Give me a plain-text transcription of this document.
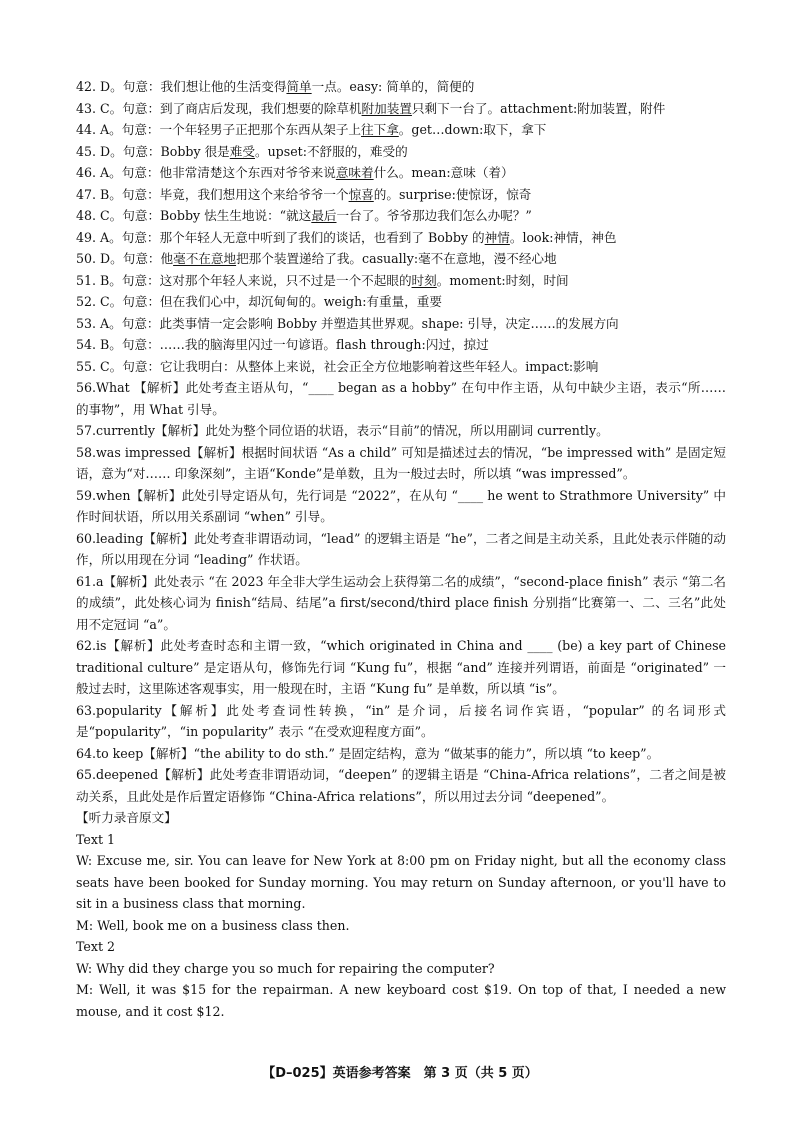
42. D。句意：我们想让他的生活变得简单一点。easy: 简单的，简便的
43. C。句意：到了商店后发现，我们想要的除草机附加装置只剩下一台了。attachment:附加装置，附件
44. A。句意：一个年轻男子正把那个东西从架子上往下拿。get…down:取下，拿下
45. D。句意：Bobby 很是难受。upset:不舒服的，难受的
46. A。句意：他非常清楚这个东西对爷爷来说意味着什么。mean:意味（着）
47. B。句意：毕竟，我们想用这个来给爷爷一个惊喜的。surprise:使惊讶，惊奇
48. C。句意：Bobby 怯生生地说：“就这最后一台了。爷爷那边我们怎么办呢？”
49. A。句意：那个年轻人无意中听到了我们的谈话，也看到了 Bobby 的神情。look:神情，神色
50. D。句意：他毫不在意地把那个装置递给了我。casually:毫不在意地，漫不经心地
51. B。句意：这对那个年轻人来说，只不过是一个不起眼的时刻。moment:时刻，时间
52. C。句意：但在我们心中，却沉甸甸的。weigh:有重量，重要
53. A。句意：此类事情一定会影响 Bobby 并塑造其世界观。shape: 引导，决定……的发展方向
54. B。句意：……我的脑海里闪过一句谚语。flash through:闪过，掠过
55. C。句意：它让我明白：从整体上来说，社会正全方位地影响着这些年轻人。impact:影响
56.What 【解析】此处考查主语从句，“____ began as a hobby” 在句中作主语，从句中缺少主语，表示“所…… 的事物”，用 What 引导。
57.currently【解析】此处为整个同位语的状语，表示“目前”的情况，所以用副词 currently。
58.was impressed【解析】根据时间状语 “As a child” 可知是描述过去的情况，“be impressed with” 是固定短语，意为“对…… 印象深刻”，主语“Konde”是单数，且为一般过去时，所以填 “was impressed”。
59.when【解析】此处引导定语从句，先行词是 “2022”，在从句 “____ he went to Strathmore University” 中作时间状语，所以用关系副词 “when” 引导。
60.leading【解析】此处考查非谓语动词，“lead” 的逻辑主语是 “he”，二者之间是主动关系，且此处表示伴随的动作，所以用现在分词 “leading” 作状语。
61.a【解析】此处表示 “在 2023 年全非大学生运动会上获得第二名的成绩”，“second-place finish” 表示 “第二名的成绩”，此处核心词为 finish“结局、结尾”a first/second/third place finish 分别指“比赛第一、二、三名”此处用不定冠词 “a”。
62.is【解析】此处考查时态和主谓一致，“which originated in China and ____ (be) a key part of Chinese traditional culture” 是定语从句，修饰先行词 “Kung fu”，根据 “and” 连接并列谓语，前面是 “originated” 一般过去时，这里陈述客观事实，用一般现在时，主语 “Kung fu” 是单数，所以填 “is”。
63.popularity【解析】此处考查词性转换，“in” 是介词，后接名词作宾语，“popular” 的名词形式是“popularity”，“in popularity” 表示 “在受欢迎程度方面”。
64.to keep【解析】“the ability to do sth.” 是固定结构，意为 “做某事的能力”，所以填 “to keep”。
65.deepened【解析】此处考查非谓语动词，“deepen” 的逻辑主语是 “China-Africa relations”，二者之间是被动关系，且此处是作后置定语修饰 “China-Africa relations”，所以用过去分词 “deepened”。
【听力录音原文】
Text 1
W: Excuse me, sir. You can leave for New York at 8:00 pm on Friday night, but all the economy class seats have been booked for Sunday morning. You may return on Sunday afternoon, or you'll have to sit in a business class that morning.
M: Well, book me on a business class then.
Text 2
W: Why did they charge you so much for repairing the computer?
M: Well, it was $15 for the repairman. A new keyboard cost $19. On top of that, I needed a new mouse, and it cost $12.
【D–025】英语参考答案　第 3 页（共 5 页）
